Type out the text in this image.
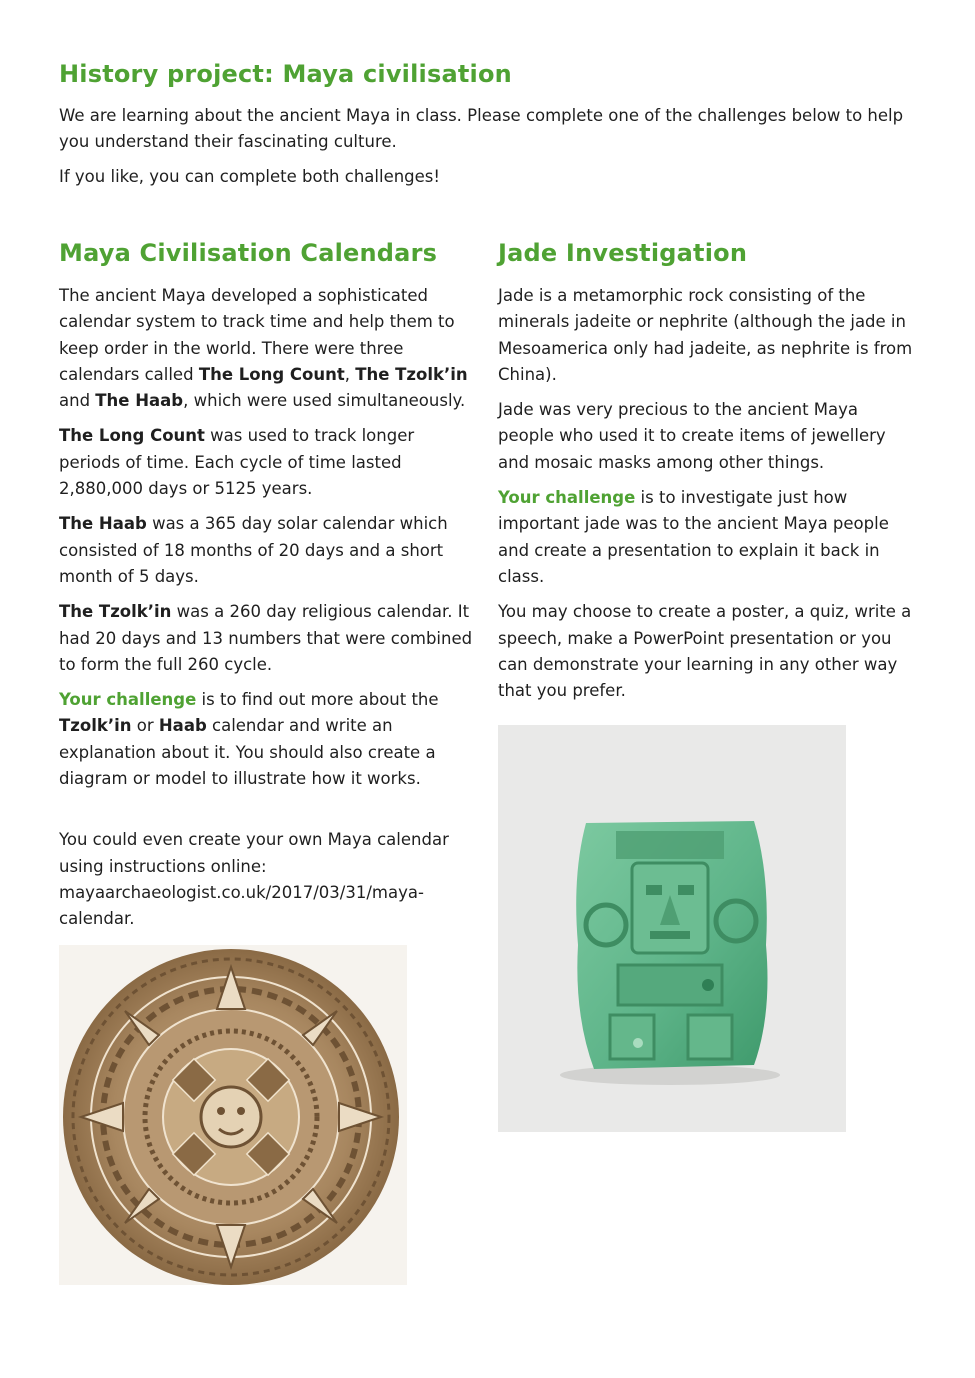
History project: Maya civilisation

We are learning about the ancient Maya in class. Please complete one of the challenges below to help you understand their fascinating culture.

If you like, you can complete both challenges!

Maya Civilisation Calendars

The ancient Maya developed a sophisticated calendar system to track time and help them to keep order in the world. There were three calendars called The Long Count, The Tzolk’in and The Haab, which were used simultaneously.

The Long Count was used to track longer periods of time. Each cycle of time lasted 2,880,000 days or 5125 years.

The Haab was a 365 day solar calendar which consisted of 18 months of 20 days and a short month of 5 days.

The Tzolk’in was a 260 day religious calendar. It had 20 days and 13 numbers that were combined to form the full 260 cycle.

Your challenge is to find out more about the Tzolk’in or Haab calendar and write an explanation about it. You should also create a diagram or model to illustrate how it works.

You could even create your own Maya calendar using instructions online: mayaarchaeologist.co.uk/2017/03/31/maya-calendar.

Jade Investigation

Jade is a metamorphic rock consisting of the minerals jadeite or nephrite (although the jade in Mesoamerica only had jadeite, as nephrite is from China).

Jade was very precious to the ancient Maya people who used it to create items of jewellery and mosaic masks among other things.

Your challenge is to investigate just how important jade was to the ancient Maya people and create a presentation to explain it back in class.

You may choose to create a poster, a quiz, write a speech, make a PowerPoint presentation or you can demonstrate your learning in any other way that you prefer.
